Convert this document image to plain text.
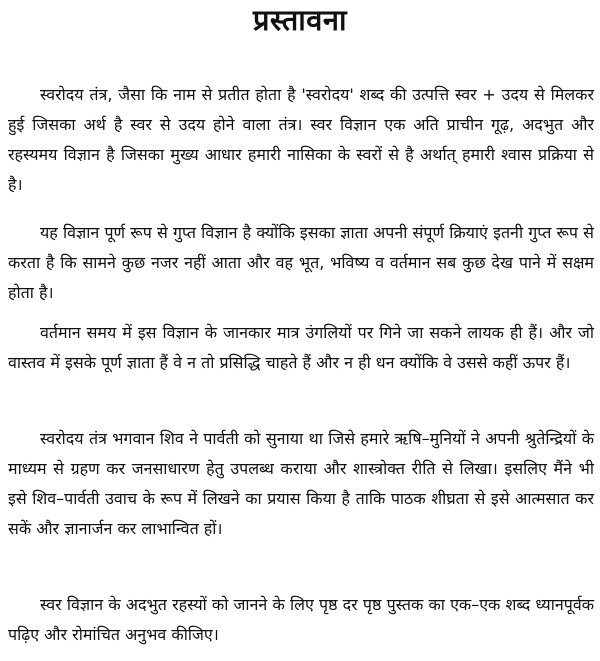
प्रस्तावना

स्वरोदय तंत्र, जैसा कि नाम से प्रतीत होता है 'स्वरोदय' शब्द की उत्पत्ति स्वर + उदय से मिलकर हुई जिसका अर्थ है स्वर से उदय होने वाला तंत्र। स्वर विज्ञान एक अति प्राचीन गूढ़, अदभुत और रहस्यमय विज्ञान है जिसका मुख्य आधार हमारी नासिका के स्वरों से है अर्थात् हमारी श्वास प्रक्रिया से है।

यह विज्ञान पूर्ण रूप से गुप्त विज्ञान है क्योंकि इसका ज्ञाता अपनी संपूर्ण क्रियाएं इतनी गुप्त रूप से करता है कि सामने कुछ नजर नहीं आता और वह भूत, भविष्य व वर्तमान सब कुछ देख पाने में सक्षम होता है।

वर्तमान समय में इस विज्ञान के जानकार मात्र उंगलियों पर गिने जा सकने लायक ही हैं। और जो वास्तव में इसके पूर्ण ज्ञाता हैं वे न तो प्रसिद्धि चाहते हैं और न ही धन क्योंकि वे उससे कहीं ऊपर हैं।

स्वरोदय तंत्र भगवान शिव ने पार्वती को सुनाया था जिसे हमारे ऋषि–मुनियों ने अपनी श्रुतेन्द्रियों के माध्यम से ग्रहण कर जनसाधारण हेतु उपलब्ध कराया और शास्त्रोक्त रीति से लिखा। इसलिए मैंने भी इसे शिव–पार्वती उवाच के रूप में लिखने का प्रयास किया है ताकि पाठक शीघ्रता से इसे आत्मसात कर सकें और ज्ञानार्जन कर लाभान्वित हों।

स्वर विज्ञान के अदभुत रहस्यों को जानने के लिए पृष्ठ दर पृष्ठ पुस्तक का एक–एक शब्द ध्यानपूर्वक पढ़िए और रोमांचित अनुभव कीजिए।
